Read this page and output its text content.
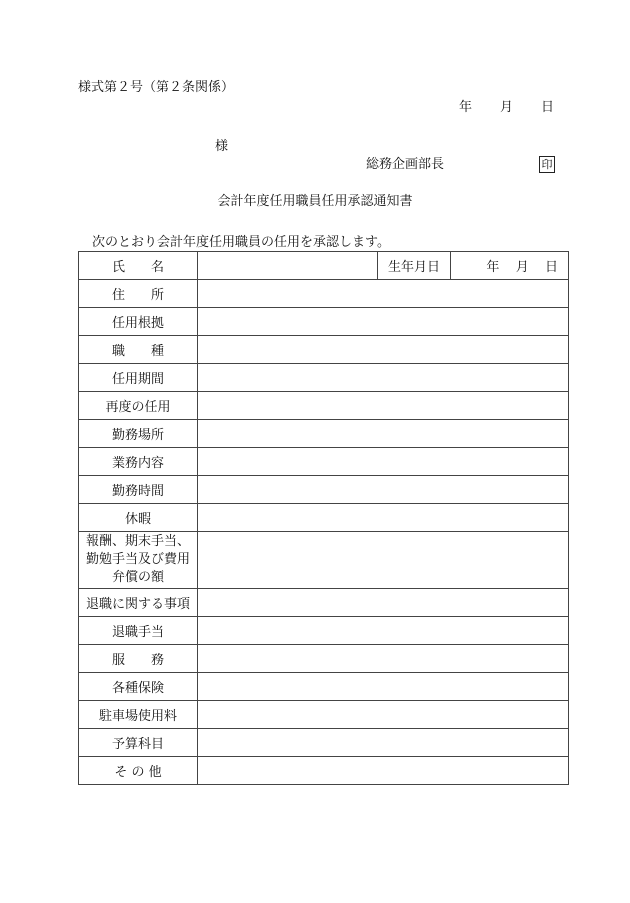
様式第２号（第２条関係）
年 月 日
様
総務企画部長	印
会計年度任用職員任用承認通知書
次のとおり会計年度任用職員の任用を承認します。
氏　　名		生年月日	年 月 日
住　　所			
任用根拠			
職　　種			
任用期間			
再度の任用			
勤務場所			
業務内容			
勤務時間			
休暇			
報酬、期末手当、
勤勉手当及び費用
弁償の額			
退職に関する事項			
退職手当			
服　　務			
各種保険			
駐車場使用料			
予算科目			
そ の 他			
